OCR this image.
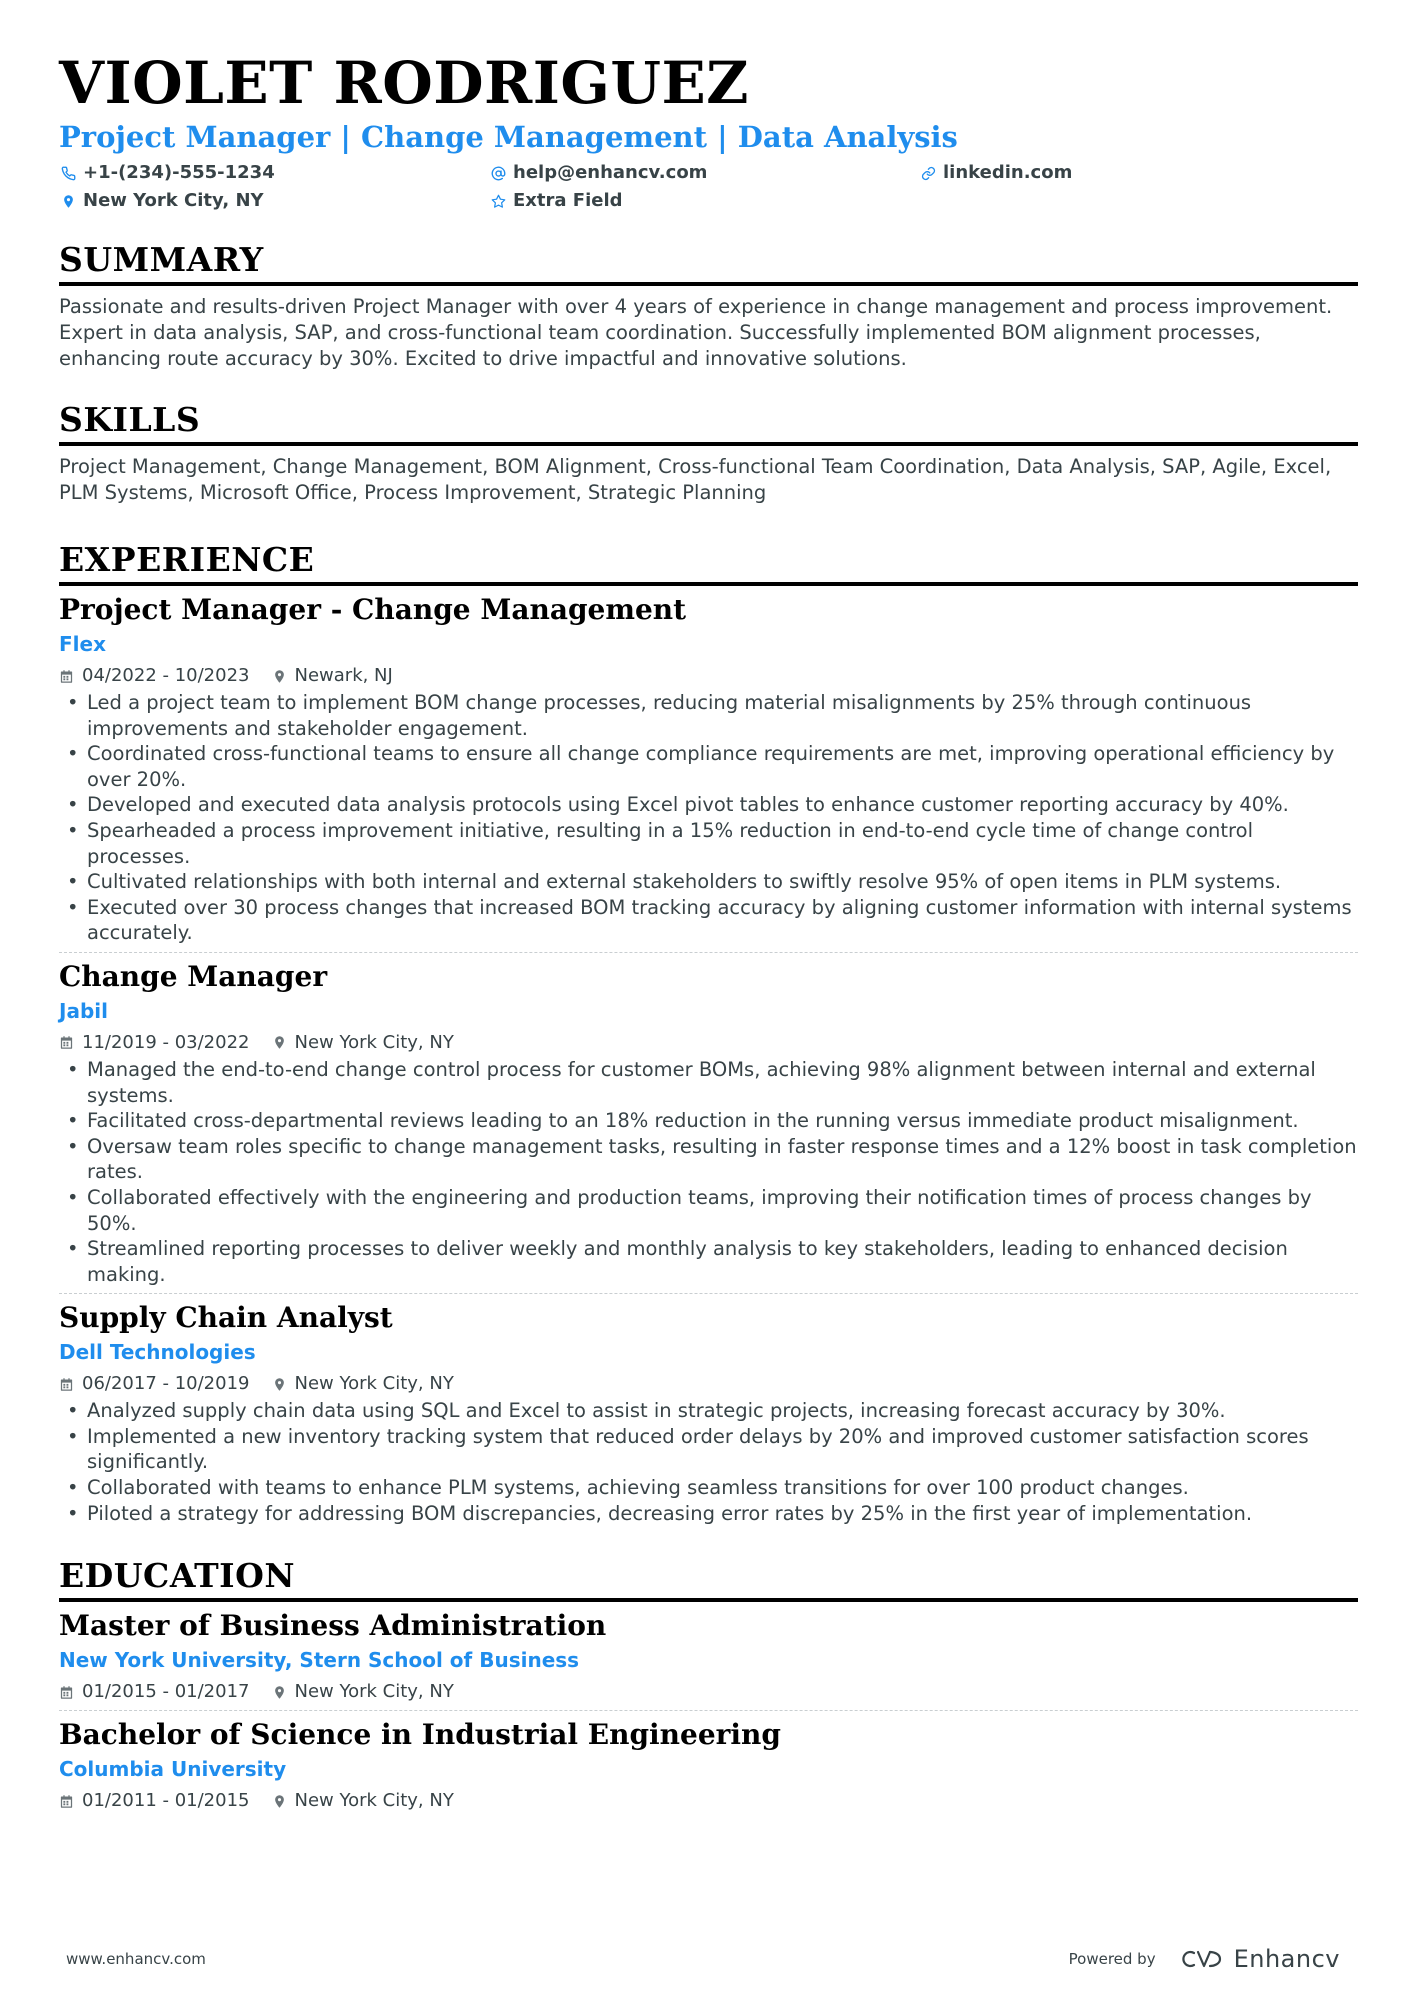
VIOLET RODRIGUEZ

Project Manager | Change Management | Data Analysis

+1-(234)-555-1234	help@enhancv.com	linkedin.com
New York City, NY	Extra Field
SUMMARY
Passionate and results-driven Project Manager with over 4 years of experience in change management and process improvement. Expert in data analysis, SAP, and cross-functional team coordination. Successfully implemented BOM alignment processes, enhancing route accuracy by 30%. Excited to drive impactful and innovative solutions.
SKILLS
Project Management, Change Management, BOM Alignment, Cross-functional Team Coordination, Data Analysis, SAP, Agile, Excel, PLM Systems, Microsoft Office, Process Improvement, Strategic Planning
EXPERIENCE
Project Manager - Change Management
Flex
04/2022 - 10/2023	Newark, NJ
• Led a project team to implement BOM change processes, reducing material misalignments by 25% through continuous improvements and stakeholder engagement.
• Coordinated cross-functional teams to ensure all change compliance requirements are met, improving operational efficiency by over 20%.
• Developed and executed data analysis protocols using Excel pivot tables to enhance customer reporting accuracy by 40%.
• Spearheaded a process improvement initiative, resulting in a 15% reduction in end-to-end cycle time of change control processes.
• Cultivated relationships with both internal and external stakeholders to swiftly resolve 95% of open items in PLM systems.
• Executed over 30 process changes that increased BOM tracking accuracy by aligning customer information with internal systems accurately.
Change Manager
Jabil
11/2019 - 03/2022	New York City, NY
• Managed the end-to-end change control process for customer BOMs, achieving 98% alignment between internal and external systems.
• Facilitated cross-departmental reviews leading to an 18% reduction in the running versus immediate product misalignment.
• Oversaw team roles specific to change management tasks, resulting in faster response times and a 12% boost in task completion rates.
• Collaborated effectively with the engineering and production teams, improving their notification times of process changes by 50%.
• Streamlined reporting processes to deliver weekly and monthly analysis to key stakeholders, leading to enhanced decision making.
Supply Chain Analyst
Dell Technologies
06/2017 - 10/2019	New York City, NY
• Analyzed supply chain data using SQL and Excel to assist in strategic projects, increasing forecast accuracy by 30%.
• Implemented a new inventory tracking system that reduced order delays by 20% and improved customer satisfaction scores significantly.
• Collaborated with teams to enhance PLM systems, achieving seamless transitions for over 100 product changes.
• Piloted a strategy for addressing BOM discrepancies, decreasing error rates by 25% in the first year of implementation.
EDUCATION
Master of Business Administration
New York University, Stern School of Business
01/2015 - 01/2017	New York City, NY
Bachelor of Science in Industrial Engineering
Columbia University
01/2011 - 01/2015	New York City, NY
www.enhancv.com	Powered by	Enhancv
